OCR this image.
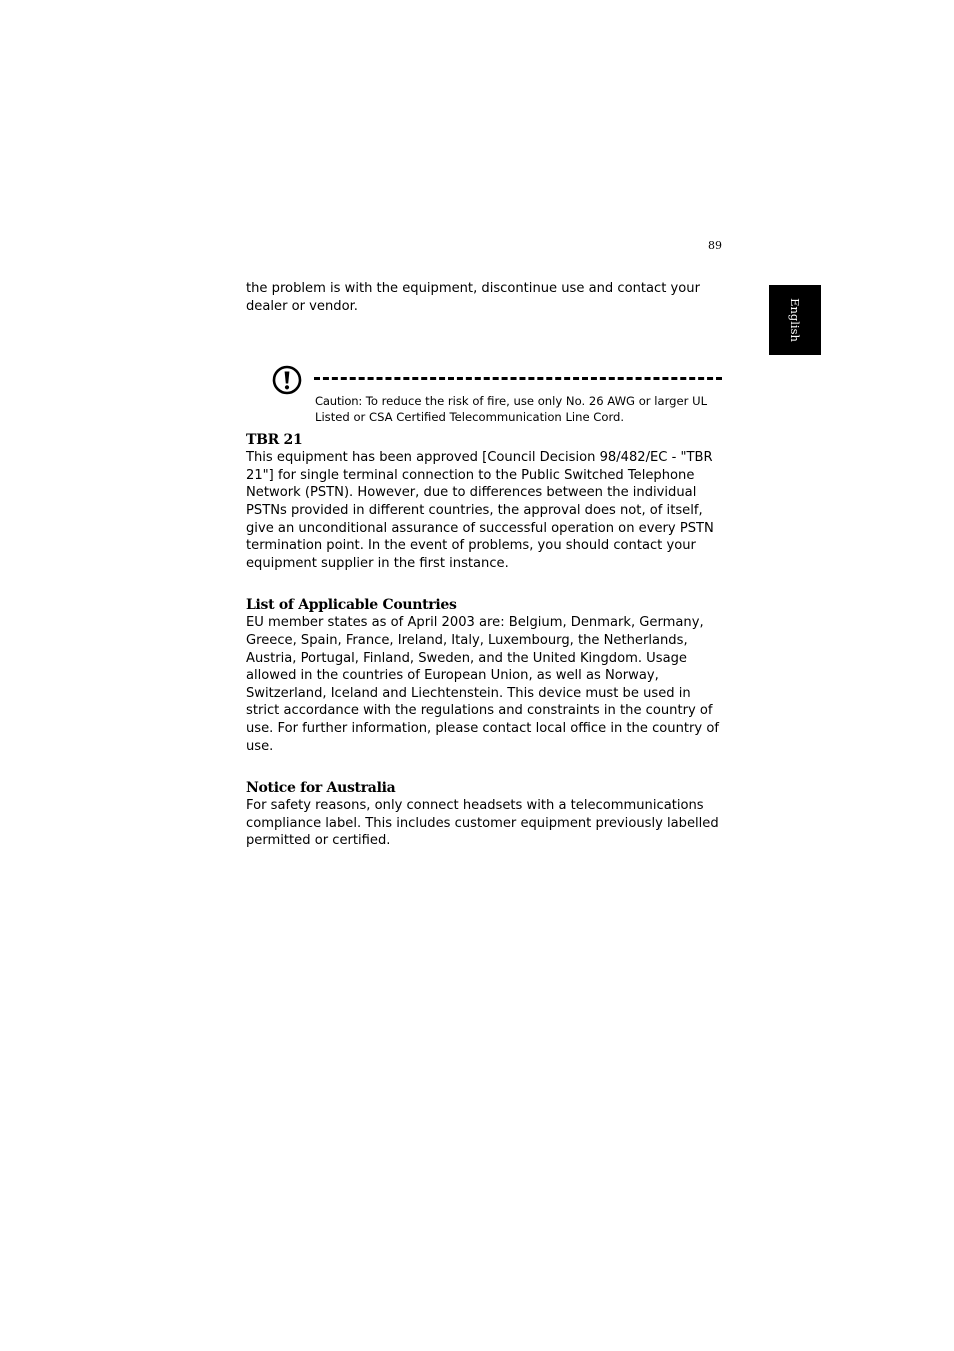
89
English

the problem is with the equipment, discontinue use and contact your dealer or vendor.

Caution: To reduce the risk of fire, use only No. 26 AWG or larger UL Listed or CSA Certified Telecommunication Line Cord.

TBR 21

This equipment has been approved [Council Decision 98/482/EC - "TBR 21"] for single terminal connection to the Public Switched Telephone Network (PSTN). However, due to differences between the individual PSTNs provided in different countries, the approval does not, of itself, give an unconditional assurance of successful operation on every PSTN termination point. In the event of problems, you should contact your equipment supplier in the first instance.

List of Applicable Countries

EU member states as of April 2003 are: Belgium, Denmark, Germany, Greece, Spain, France, Ireland, Italy, Luxembourg, the Netherlands, Austria, Portugal, Finland, Sweden, and the United Kingdom. Usage allowed in the countries of European Union, as well as Norway, Switzerland, Iceland and Liechtenstein. This device must be used in strict accordance with the regulations and constraints in the country of use. For further information, please contact local office in the country of use.

Notice for Australia

For safety reasons, only connect headsets with a telecommunications compliance label. This includes customer equipment previously labelled permitted or certified.
